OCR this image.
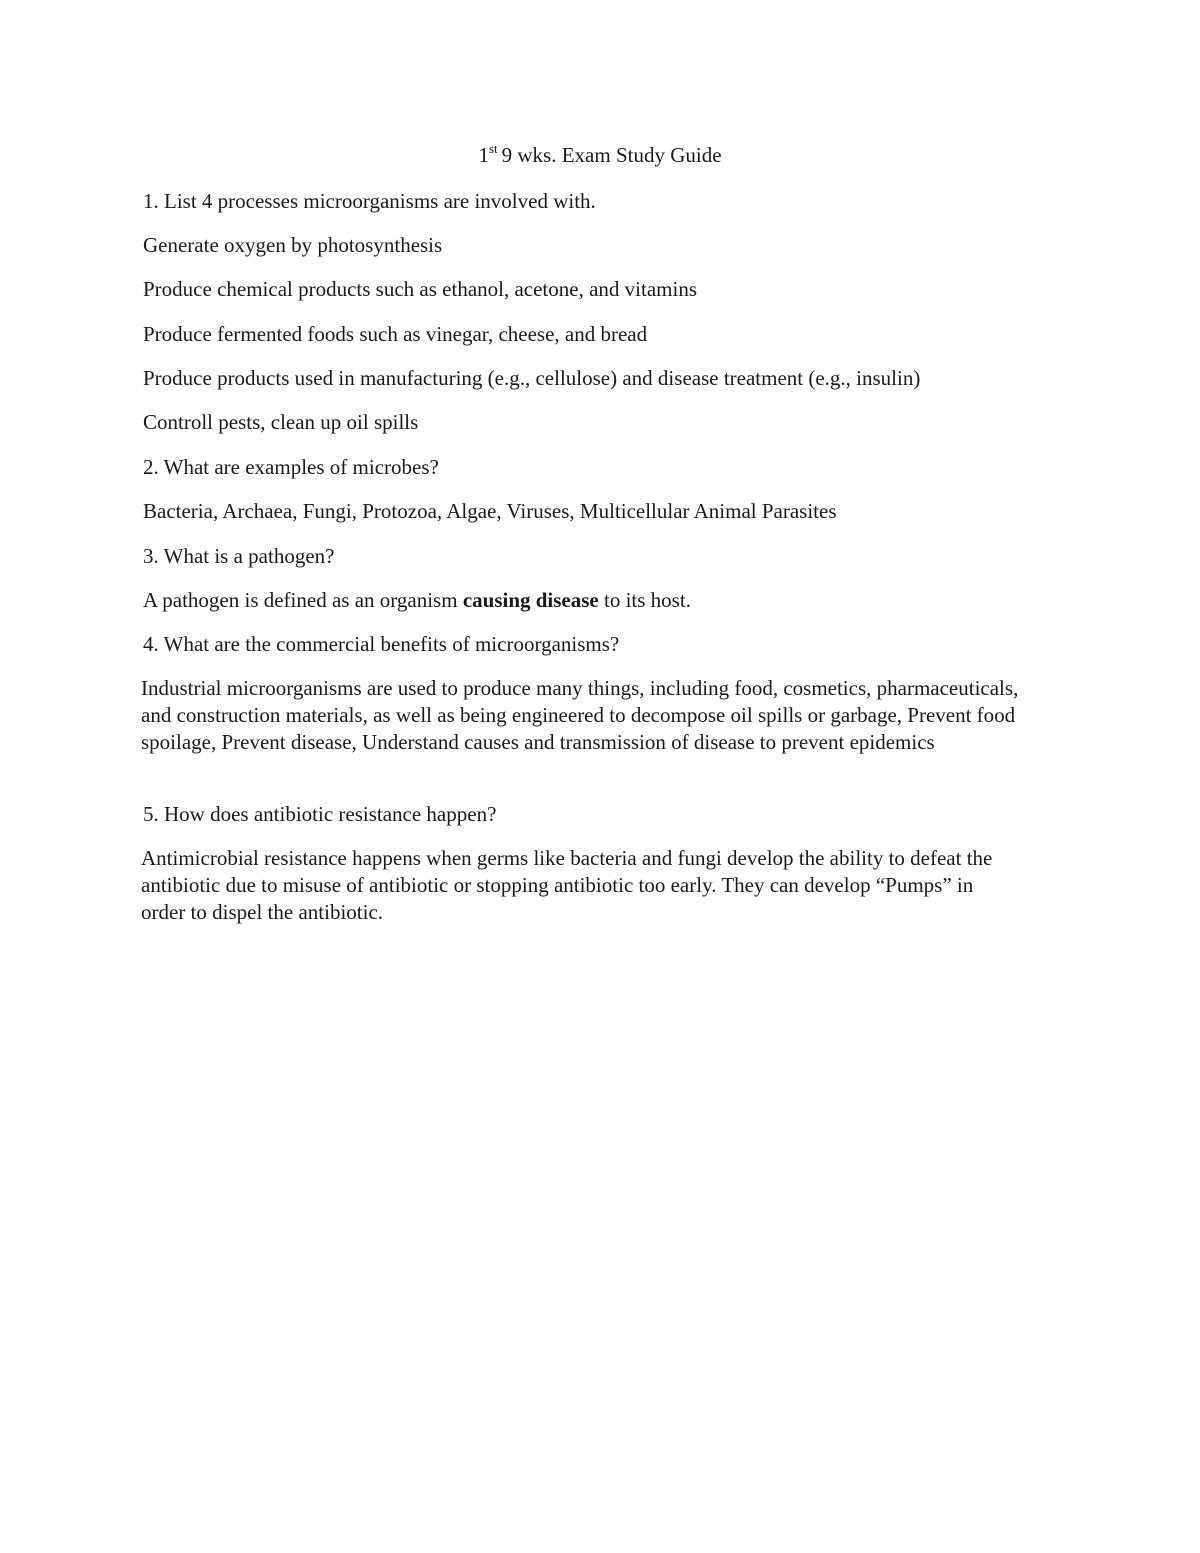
1st 9 wks. Exam Study Guide

1. List 4 processes microorganisms are involved with.

Generate oxygen by photosynthesis

Produce chemical products such as ethanol, acetone, and vitamins

Produce fermented foods such as vinegar, cheese, and bread

Produce products used in manufacturing (e.g., cellulose) and disease treatment (e.g., insulin)

Controll pests, clean up oil spills

2. What are examples of microbes?

Bacteria, Archaea, Fungi, Protozoa, Algae, Viruses, Multicellular Animal Parasites

3. What is a pathogen?

A pathogen is defined as an organism causing disease to its host.

4. What are the commercial benefits of microorganisms?

Industrial microorganisms are used to produce many things, including food, cosmetics, pharmaceuticals, and construction materials, as well as being engineered to decompose oil spills or garbage, Prevent food spoilage, Prevent disease, Understand causes and transmission of disease to prevent epidemics

5. How does antibiotic resistance happen?

Antimicrobial resistance happens when germs like bacteria and fungi develop the ability to defeat the antibiotic due to misuse of antibiotic or stopping antibiotic too early. They can develop “Pumps” in order to dispel the antibiotic.
